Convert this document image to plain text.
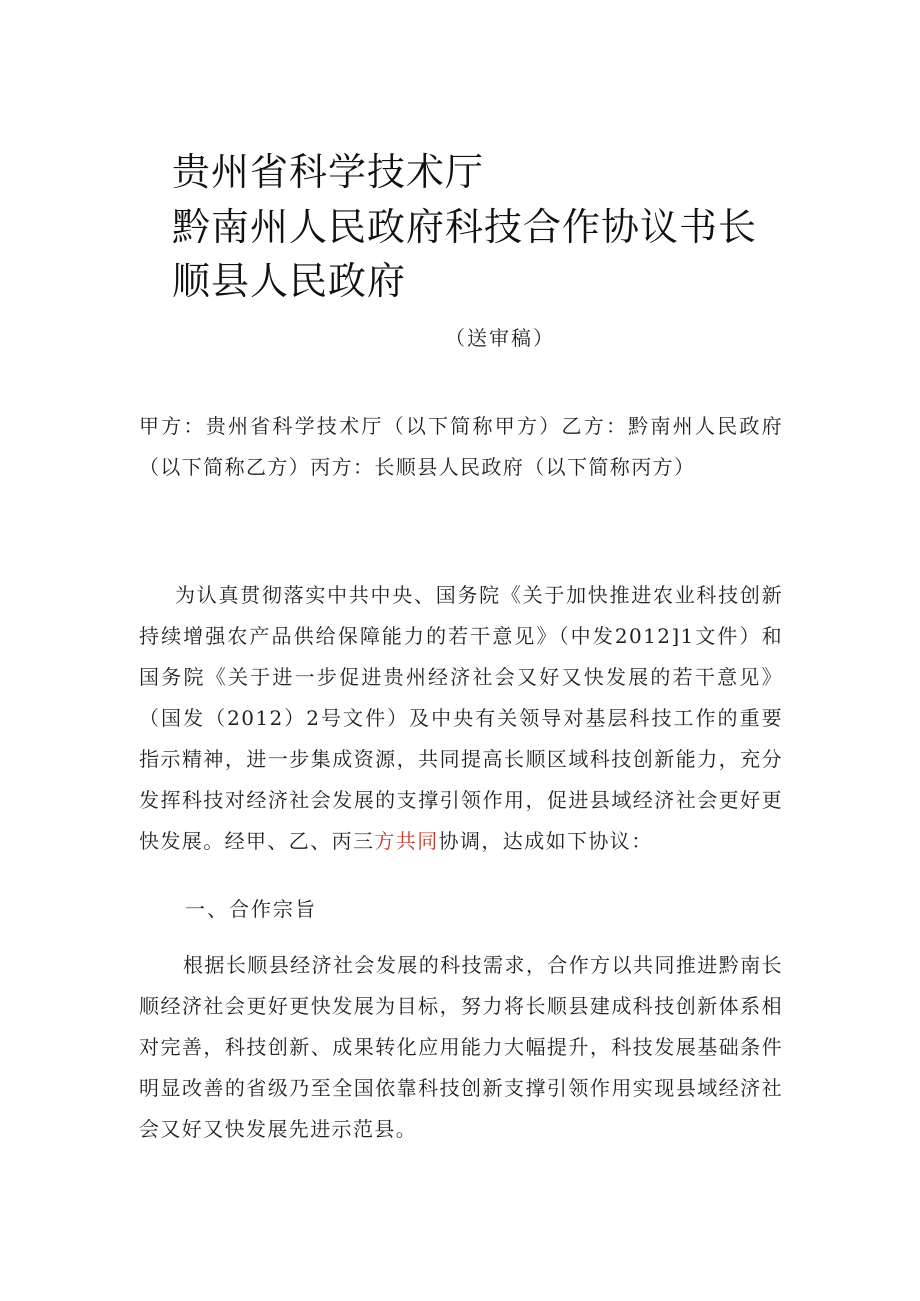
贵州省科学技术厅
黔南州人民政府科技合作协议书长
顺县人民政府
（送审稿）
甲方：贵州省科学技术厅（以下简称甲方）乙方：黔南州人民政府（以下简称乙方）丙方：长顺县人民政府（以下简称丙方）
为认真贯彻落实中共中央、国务院《关于加快推进农业科技创新持续增强农产品供给保障能力的若干意见》（中发2012]1文件）和国务院《关于进一步促进贵州经济社会又好又快发展的若干意见》（国发（2012）2号文件）及中央有关领导对基层科技工作的重要指示精神，进一步集成资源，共同提高长顺区域科技创新能力，充分发挥科技对经济社会发展的支撑引领作用，促进县域经济社会更好更快发展。经甲、乙、丙三方共同协调，达成如下协议：
一、合作宗旨
根据长顺县经济社会发展的科技需求，合作方以共同推进黔南长顺经济社会更好更快发展为目标，努力将长顺县建成科技创新体系相对完善，科技创新、成果转化应用能力大幅提升，科技发展基础条件明显改善的省级乃至全国依靠科技创新支撑引领作用实现县域经济社会又好又快发展先进示范县。
